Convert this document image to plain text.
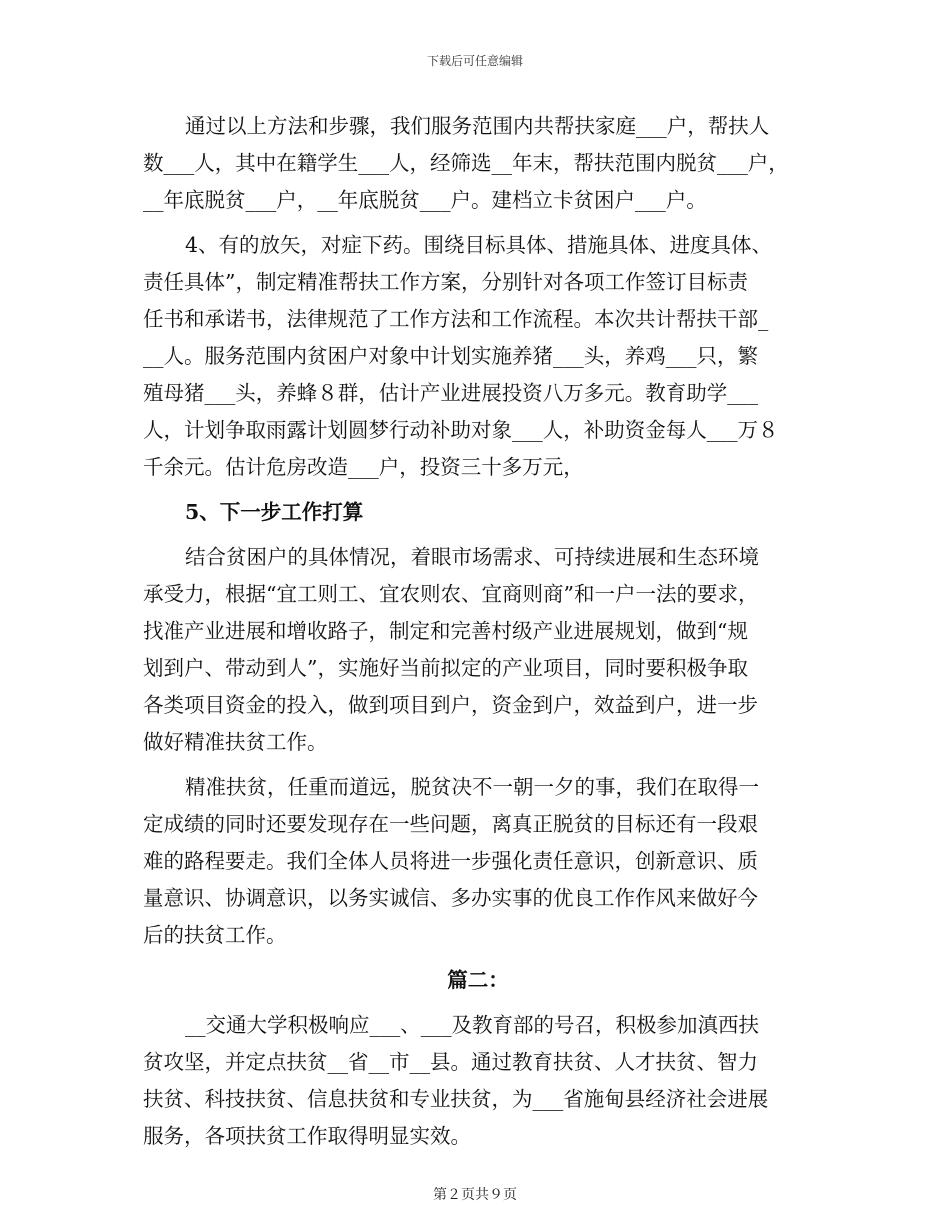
下载后可任意编辑
通过以上方法和步骤，我们服务范围内共帮扶家庭___户，帮扶人
数___人，其中在籍学生___人，经筛选__年末，帮扶范围内脱贫___户，
__年底脱贫___户，__年底脱贫___户。建档立卡贫困户___户。
4、有的放矢，对症下药。围绕目标具体、措施具体、进度具体、
责任具体”，制定精准帮扶工作方案，分别针对各项工作签订目标责
任书和承诺书，法律规范了工作方法和工作流程。本次共计帮扶干部_
__人。服务范围内贫困户对象中计划实施养猪___头，养鸡___只，繁
殖母猪___头，养蜂８群，估计产业进展投资八万多元。教育助学___
人，计划争取雨露计划圆梦行动补助对象___人，补助资金每人___万８
千余元。估计危房改造___户，投资三十多万元，
5、下一步工作打算
结合贫困户的具体情况，着眼市场需求、可持续进展和生态环境
承受力，根据“宜工则工、宜农则农、宜商则商”和一户一法的要求，
找准产业进展和增收路子，制定和完善村级产业进展规划，做到“规
划到户、带动到人”，实施好当前拟定的产业项目，同时要积极争取
各类项目资金的投入，做到项目到户，资金到户，效益到户，进一步
做好精准扶贫工作。
精准扶贫，任重而道远，脱贫决不一朝一夕的事，我们在取得一
定成绩的同时还要发现存在一些问题，离真正脱贫的目标还有一段艰
难的路程要走。我们全体人员将进一步强化责任意识，创新意识、质
量意识、协调意识，以务实诚信、多办实事的优良工作作风来做好今
后的扶贫工作。
篇二：
__交通大学积极响应___、___及教育部的号召，积极参加滇西扶
贫攻坚，并定点扶贫__省__市__县。通过教育扶贫、人才扶贫、智力
扶贫、科技扶贫、信息扶贫和专业扶贫，为___省施甸县经济社会进展
服务，各项扶贫工作取得明显实效。
第２页共９页
